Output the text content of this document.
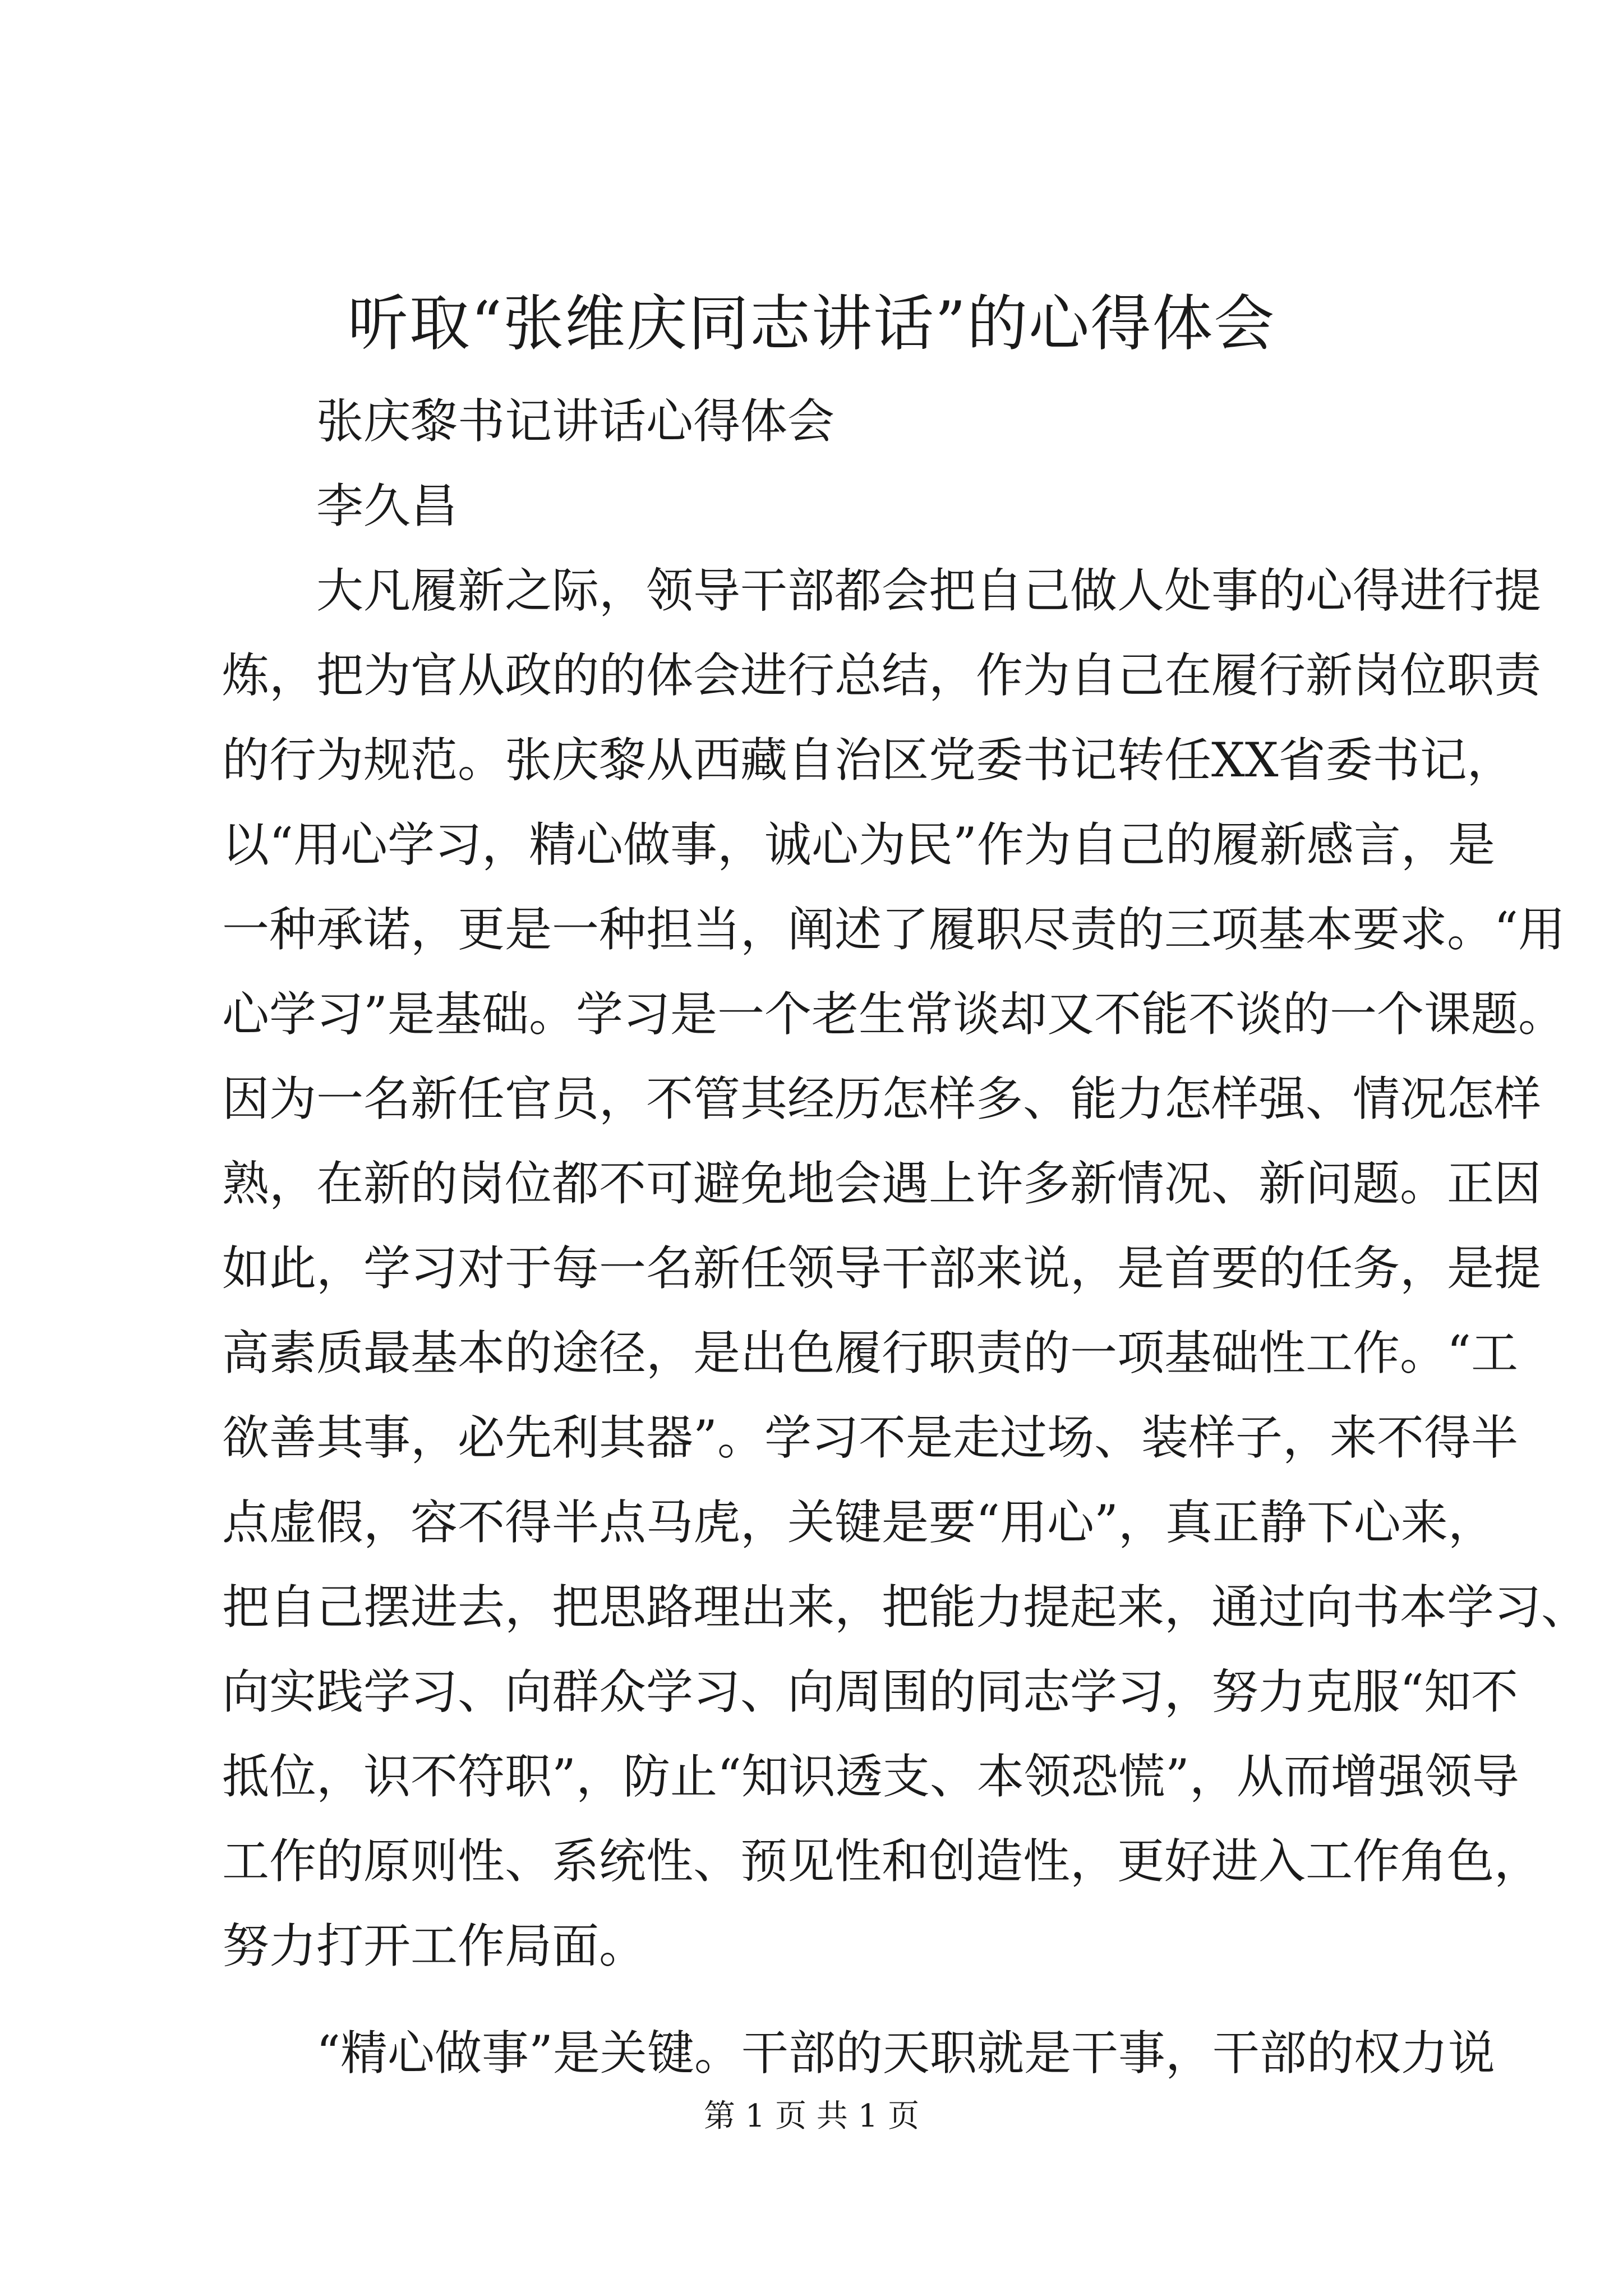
听取“张维庆同志讲话”的心得体会
张庆黎书记讲话心得体会
李久昌
大凡履新之际，领导干部都会把自己做人处事的心得进行提
炼，把为官从政的的体会进行总结，作为自己在履行新岗位职责
的行为规范。张庆黎从西藏自治区党委书记转任XX省委书记，
以“用心学习，精心做事，诚心为民”作为自己的履新感言，是
一种承诺，更是一种担当，阐述了履职尽责的三项基本要求。“用
心学习”是基础。学习是一个老生常谈却又不能不谈的一个课题。
因为一名新任官员，不管其经历怎样多、能力怎样强、情况怎样
熟，在新的岗位都不可避免地会遇上许多新情况、新问题。正因
如此，学习对于每一名新任领导干部来说，是首要的任务，是提
高素质最基本的途径，是出色履行职责的一项基础性工作。“工
欲善其事，必先利其器”。学习不是走过场、装样子，来不得半
点虚假，容不得半点马虎，关键是要“用心”，真正静下心来，
把自己摆进去，把思路理出来，把能力提起来，通过向书本学习、
向实践学习、向群众学习、向周围的同志学习，努力克服“知不
抵位，识不符职”，防止“知识透支、本领恐慌”，从而增强领导
工作的原则性、系统性、预见性和创造性，更好进入工作角色，
努力打开工作局面。
“精心做事”是关键。干部的天职就是干事，干部的权力说
第 1 页 共 1 页
